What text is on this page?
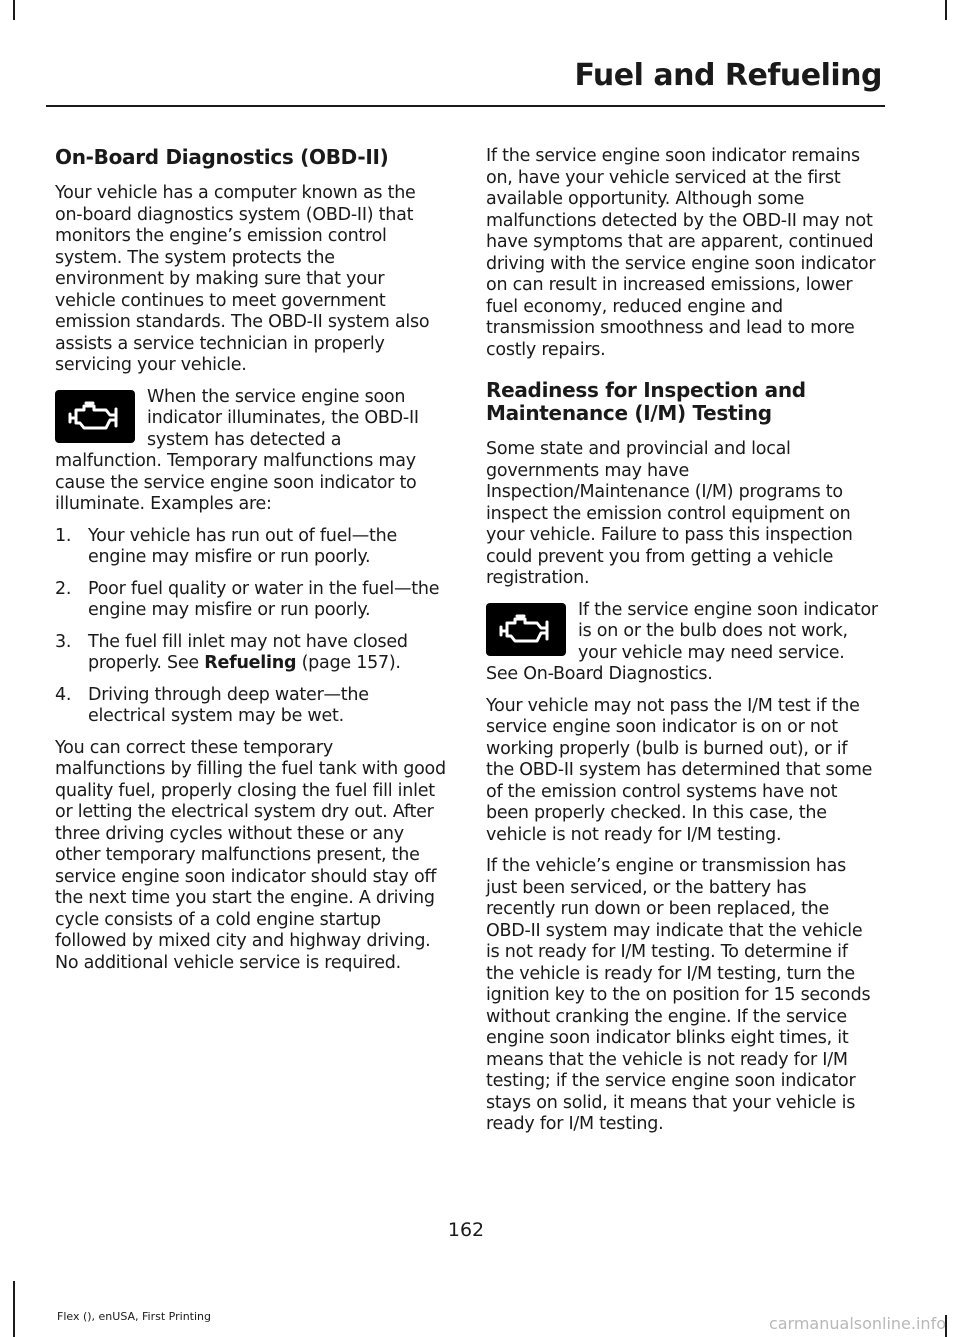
Fuel and Refueling
On-Board Diagnostics (OBD-II)

Your vehicle has a computer known as the on-board diagnostics system (OBD-II) that monitors the engine’s emission control system. The system protects the environment by making sure that your vehicle continues to meet government emission standards. The OBD-II system also assists a service technician in properly servicing your vehicle.

When the service engine soon indicator illuminates, the OBD-II system has detected a malfunction. Temporary malfunctions may cause the service engine soon indicator to illuminate. Examples are:

1. Your vehicle has run out of fuel—the engine may misfire or run poorly.
2. Poor fuel quality or water in the fuel—the engine may misfire or run poorly.
3. The fuel fill inlet may not have closed properly. See Refueling (page 157).
4. Driving through deep water—the electrical system may be wet.

You can correct these temporary malfunctions by filling the fuel tank with good quality fuel, properly closing the fuel fill inlet or letting the electrical system dry out. After three driving cycles without these or any other temporary malfunctions present, the service engine soon indicator should stay off the next time you start the engine. A driving cycle consists of a cold engine startup followed by mixed city and highway driving. No additional vehicle service is required.

If the service engine soon indicator remains on, have your vehicle serviced at the first available opportunity. Although some malfunctions detected by the OBD-II may not have symptoms that are apparent, continued driving with the service engine soon indicator on can result in increased emissions, lower fuel economy, reduced engine and transmission smoothness and lead to more costly repairs.

Readiness for Inspection and Maintenance (I/M) Testing

Some state and provincial and local governments may have Inspection/Maintenance (I/M) programs to inspect the emission control equipment on your vehicle. Failure to pass this inspection could prevent you from getting a vehicle registration.

If the service engine soon indicator is on or the bulb does not work, your vehicle may need service. See On-Board Diagnostics.

Your vehicle may not pass the I/M test if the service engine soon indicator is on or not working properly (bulb is burned out), or if the OBD-II system has determined that some of the emission control systems have not been properly checked. In this case, the vehicle is not ready for I/M testing.

If the vehicle’s engine or transmission has just been serviced, or the battery has recently run down or been replaced, the OBD-II system may indicate that the vehicle is not ready for I/M testing. To determine if the vehicle is ready for I/M testing, turn the ignition key to the on position for 15 seconds without cranking the engine. If the service engine soon indicator blinks eight times, it means that the vehicle is not ready for I/M testing; if the service engine soon indicator stays on solid, it means that your vehicle is ready for I/M testing.

162
Flex (), enUSA, First Printing	carmanualsonline.info
